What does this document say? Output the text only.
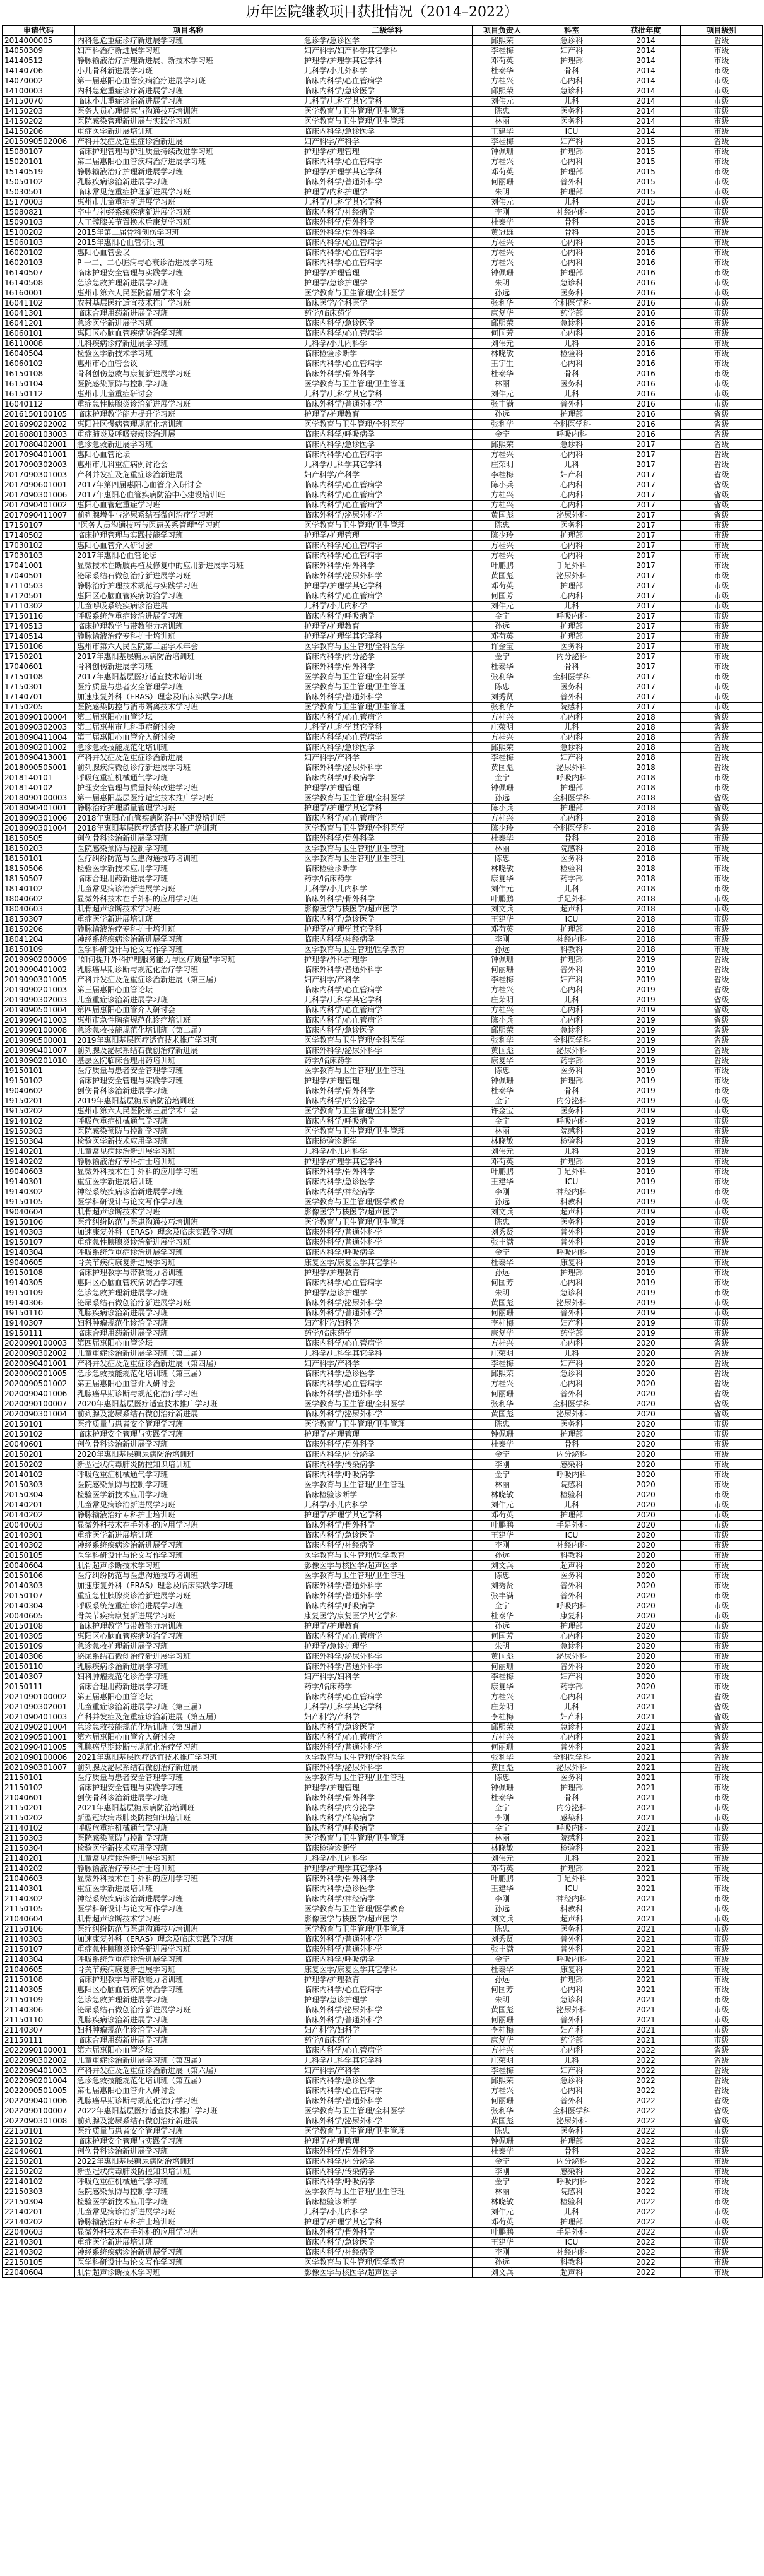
历年医院继教项目获批情况（2014–2022）
申请代码	项目名称	二级学科	项目负责人	科室	获批年度	项目级别
2014000005	内科急危重症诊疗新进展学习班	急诊学/急诊医学	邱熙荣	急诊科	2014	省级
14050309	妇产科治疗新进展学习班	妇产科学/妇产科学其它学科	李桂梅	妇产科	2014	市级
14140512	静脉输液治疗护理新进展、新技术学习班	护理学/护理学其它学科	邓荷英	护理部	2014	市级
14140706	小儿骨科新进展学习班	儿科学/小儿外科学	杜泰华	骨科	2014	市级
14070002	第一届惠阳心血管疾病治疗进展学习班	临床内科学/心血管病学	方桂兴	心内科	2014	市级
14100003	内科急危重症诊疗新进展学习班	临床内科学/急诊医学	邱熙荣	急诊科	2014	市级
14150070	临床小儿重症诊治新进展学习班	儿科学/儿科学其它学科	刘伟元	儿科	2014	市级
14150203	医务人员心理健康与沟通技巧培训班	医学教育与卫生管理/卫生管理	陈忠	医务科	2014	市级
14150202	医院感染管理新进展与实践学习班	医学教育与卫生管理/卫生管理	林丽	医务科	2014	市级
14150206	重症医学新进展培训班	临床内科学/急诊医学	王建华	ICU	2014	市级
2015090502006	产科并发症及危重症诊治新进展	妇产科学/产科学	李桂梅	妇产科	2015	省级
15080107	临床护理管理与护理质量持续改进学习班	护理学/护理管理	钟佩珊	护理部	2015	市级
15020101	第二届惠阳心血管疾病治疗进展学习班	临床内科学/心血管病学	方桂兴	心内科	2015	市级
15140519	静脉输液治疗护理新进展学习班	护理学/护理学其它学科	邓荷英	护理部	2015	市级
15050102	乳腺疾病诊治新进展学习班	临床外科学/普通外科学	何丽珊	普外科	2015	市级
15030501	临床常见危重症护理新进展学习班	护理学/内科护理学	朱明	护理部	2015	市级
15170003	惠州市儿童重症新进展学习班	儿科学/儿科学其它学科	刘伟元	儿科	2015	市级
15080821	卒中与神经系统疾病新进展学习班	临床内科学/神经病学	李刚	神经内科	2015	市级
15090103	人工髋膝关节置换术后康复学习班	临床外科学/骨外科学	杜泰华	骨科	2015	市级
15100202	2015年第二届骨科创伤学习班	临床外科学/骨外科学	黄冠雄	骨科	2015	市级
15060103	2015年惠阳心血管研讨班	临床内科学/心血管病学	方桂兴	心内科	2015	市级
16020102	惠阳心血管会议	临床内科学/心血管病学	方桂兴	心内科	2016	市级
16020103	P 一二、二心脏病与心衰诊治进展学习班	临床内科学/心血管病学	方桂兴	心内科	2016	市级
16140507	临床护理安全管理与实践学习班	护理学/护理管理	钟佩珊	护理部	2016	市级
16140508	急诊急救护理新进展学习班	护理学/急诊护理学	朱明	急诊科	2016	市级
16160001	惠州市第六人民医院首届学术年会	医学教育与卫生管理/全科医学	孙远	医务科	2016	市级
16041102	农村基层医疗适宜技术推广学习班	临床医学/全科医学	张利华	全科医学科	2016	市级
16041301	临床合理用药新进展学习班	药学/临床药学	康复华	药学部	2016	市级
16041201	急诊医学新进展学习班	临床内科学/急诊医学	邱熙荣	急诊科	2016	市级
16060101	惠阳区心脑血管疾病防治学习班	临床内科学/心血管病学	何国芳	心内科	2016	市级
16110008	儿科疾病诊疗新进展学习班	儿科学/小儿内科学	刘伟元	儿科	2016	市级
16040504	检验医学新技术学习班	临床检验诊断学	林晓敏	检验科	2016	市级
16060102	惠州市心血管会议	临床内科学/心血管病学	王宇生	心内科	2016	市级
16150108	骨科创伤急救与康复新进展学习班	临床外科学/骨外科学	杜泰华	骨科	2016	市级
16150104	医院感染预防与控制学习班	医学教育与卫生管理/卫生管理	林丽	医务科	2016	市级
16150112	惠州市儿童重症研讨会	儿科学/儿科学其它学科	刘伟元	儿科	2016	市级
16040112	重症急性胰腺炎诊治新进展学习班	临床外科学/普通外科学	张丰满	普外科	2016	市级
2016150100105	临床护理教学能力提升学习班	护理学/护理教育	孙远	护理部	2016	省级
2016090202002	惠阳社区慢病管理规范化培训班	医学教育与卫生管理/全科医学	张利华	全科医学科	2016	省级
2016080103003	重症肺炎及呼吸衰竭诊治进展	临床内科学/呼吸病学	金宁	呼吸内科	2016	省级
2017080402001	急诊急救新进展学习班	临床内科学/急诊医学	邱熙荣	急诊科	2017	省级
2017090401001	惠阳心血管论坛	临床内科学/心血管病学	方桂兴	心内科	2017	省级
2017090302003	惠州市儿科重症病例讨论会	儿科学/儿科学其它学科	庄荣明	儿科	2017	省级
2017090301003	产科并发症及危重症诊治新进展	妇产科学/产科学	李桂梅	妇产科	2017	省级
2017090601001	2017年第四届惠阳心血管介入研讨会	临床内科学/心血管病学	陈小兵	心内科	2017	省级
2017090301006	2017年惠阳心血管疾病防治中心建设培训班	临床内科学/心血管病学	方桂兴	心内科	2017	省级
2017090401002	惠阳心血管危重症学习班	临床内科学/心血管病学	方桂兴	心内科	2017	省级
2017090411007	前列腺增生与泌尿系结石微创治疗学习班	临床外科学/泌尿外科学	黄国彪	泌尿外科	2017	省级
17150107	"医务人员沟通技巧与医患关系管理"学习班	医学教育与卫生管理/卫生管理	陈忠	医务科	2017	市级
17140502	临床护理管理与实践技能学习班	护理学/护理管理	陈少玲	护理部	2017	市级
17030102	惠阳心血管介入研讨会	临床内科学/心血管病学	方桂兴	心内科	2017	市级
17030103	2017年惠阳心血管论坛	临床内科学/心血管病学	方桂兴	心内科	2017	市级
17041001	显微技术在断肢再植及修复中的应用新进展学习班	临床外科学/骨外科学	叶鹏鹏	手足外科	2017	市级
17040501	泌尿系结石微创治疗新进展学习班	临床外科学/泌尿外科学	黄国彪	泌尿外科	2017	市级
17110503	静脉治疗护理技术规范与实践学习班	护理学/护理学其它学科	邓荷英	护理部	2017	市级
17120501	惠阳区心脑血管疾病防治学习班	临床内科学/心血管病学	何国芳	心内科	2017	市级
17110302	儿童呼吸系统疾病诊治进展	儿科学/小儿内科学	刘伟元	儿科	2017	市级
17150116	呼吸系统危重症诊治进展学习班	临床内科学/呼吸病学	金宁	呼吸内科	2017	市级
17140513	临床护理教学与带教能力培训班	护理学/护理教育	孙远	护理部	2017	市级
17140514	静脉输液治疗专科护士培训班	护理学/护理学其它学科	邓荷英	护理部	2017	市级
17150106	惠州市第六人民医院第二届学术年会	医学教育与卫生管理/全科医学	许金宝	医务科	2017	市级
17150201	2017年惠阳基层糖尿病防治培训班	临床内科学/内分泌学	金宁	内分泌科	2017	市级
17040601	骨科创伤新进展学习班	临床外科学/骨外科学	杜泰华	骨科	2017	市级
17150108	2017年惠阳基层医疗适宜技术培训班	医学教育与卫生管理/全科医学	张利华	全科医学科	2017	市级
17150301	医疗质量与患者安全管理学习班	医学教育与卫生管理/卫生管理	陈忠	医务科	2017	市级
17140701	加速康复外科（ERAS）理念及临床实践学习班	临床外科学/普通外科学	刘秀贤	普外科	2017	市级
17150205	医院感染防控与消毒隔离技术学习班	医学教育与卫生管理/卫生管理	张利华	院感科	2017	市级
2018090100004	第二届惠阳心血管论坛	临床内科学/心血管病学	方桂兴	心内科	2018	省级
2018090302003	第二届惠州市儿科重症研讨会	儿科学/儿科学其它学科	庄荣明	儿科	2018	省级
2018090411004	第三届惠阳心血管介入研讨会	临床内科学/心血管病学	方桂兴	心内科	2018	省级
2018090201002	急诊急救技能规范化培训班	临床内科学/急诊医学	邱熙荣	急诊科	2018	省级
2018090413001	产科并发症及危重症诊治新进展	妇产科学/产科学	李桂梅	妇产科	2018	省级
2018090505001	前列腺疾病微创诊疗新进展学习班	临床外科学/泌尿外科学	黄国彪	泌尿外科	2018	省级
2018140101	呼吸危重症机械通气学习班	临床内科学/呼吸病学	金宁	呼吸内科	2018	市级
2018140102	护理安全管理与质量持续改进学习班	护理学/护理管理	钟佩珊	护理部	2018	市级
2018090100003	第一届惠阳基层医疗适宜技术推广学习班	医学教育与卫生管理/全科医学	孙远	全科医学科	2018	省级
2018090401001	静脉治疗护理质量管理学习班	护理学/护理学其它学科	陈小兵	护理部	2018	省级
2018090301006	2018年惠阳心血管疾病防治中心建设培训班	临床内科学/心血管病学	方桂兴	心内科	2018	省级
2018090301004	2018年惠阳基层医疗适宜技术推广培训班	医学教育与卫生管理/全科医学	陈少玲	全科医学科	2018	省级
18150505	创伤骨科诊治新进展学习班	临床外科学/骨外科学	杜泰华	骨科	2018	市级
18150203	医院感染预防与控制学习班	医学教育与卫生管理/卫生管理	林丽	院感科	2018	市级
18150101	医疗纠纷防范与医患沟通技巧培训班	医学教育与卫生管理/卫生管理	陈忠	医务科	2018	市级
18150506	检验医学新技术应用学习班	临床检验诊断学	林晓敏	检验科	2018	市级
18150507	临床合理用药新进展学习班	药学/临床药学	康复华	药学部	2018	市级
18140102	儿童常见病诊治新进展学习班	儿科学/小儿内科学	刘伟元	儿科	2018	市级
18040602	显微外科技术在手外科的应用学习班	临床外科学/骨外科学	叶鹏鹏	手足外科	2018	市级
18040603	肌骨超声诊断技术学习班	影像医学与核医学/超声医学	刘文兵	超声科	2018	市级
18150307	重症医学新进展培训班	临床内科学/急诊医学	王建华	ICU	2018	市级
18150206	静脉输液治疗专科护士培训班	护理学/护理学其它学科	邓荷英	护理部	2018	市级
18041204	神经系统疾病诊治新进展学习班	临床内科学/神经病学	李刚	神经内科	2018	市级
18150109	医学科研设计与论文写作学习班	医学教育与卫生管理/医学教育	孙远	科教科	2018	市级
2019090200009	"如何提升外科护理服务能力与医疗质量"学习班	护理学/外科护理学	钟佩珊	护理部	2019	省级
2019090401002	乳腺癌早期诊断与规范化治疗学习班	临床外科学/普通外科学	何丽珊	普外科	2019	省级
2019090301005	产科并发症及危重症诊治新进展（第三届）	妇产科学/产科学	李桂梅	妇产科	2019	省级
2019090201003	第三届惠阳心血管论坛	临床内科学/心血管病学	方桂兴	心内科	2019	省级
2019090302003	儿童重症诊治新进展学习班	儿科学/儿科学其它学科	庄荣明	儿科	2019	省级
2019090501004	第四届惠阳心血管介入研讨会	临床内科学/心血管病学	方桂兴	心内科	2019	省级
2019090401003	惠州市急性胸痛规范化诊疗培训班	临床内科学/心血管病学	陈小兵	心内科	2019	省级
2019090100008	急诊急救技能规范化培训班（第二届）	临床内科学/急诊医学	邱熙荣	急诊科	2019	省级
2019090500001	2019年惠阳基层医疗适宜技术推广学习班	医学教育与卫生管理/全科医学	张利华	全科医学科	2019	省级
2019090401007	前列腺及泌尿系结石微创治疗新进展	临床外科学/泌尿外科学	黄国彪	泌尿外科	2019	省级
2019090201010	基层医院临床合理用药培训班	药学/临床药学	康复华	药学部	2019	省级
19150101	医疗质量与患者安全管理学习班	医学教育与卫生管理/卫生管理	陈忠	医务科	2019	市级
19150102	临床护理安全管理与实践学习班	护理学/护理管理	钟佩珊	护理部	2019	市级
19040602	创伤骨科诊治新进展学习班	临床外科学/骨外科学	杜泰华	骨科	2019	市级
19150201	2019年惠阳基层糖尿病防治培训班	临床内科学/内分泌学	金宁	内分泌科	2019	市级
19150202	惠州市第六人民医院第三届学术年会	医学教育与卫生管理/全科医学	许金宝	医务科	2019	市级
19140102	呼吸危重症机械通气学习班	临床内科学/呼吸病学	金宁	呼吸内科	2019	市级
19150303	医院感染预防与控制学习班	医学教育与卫生管理/卫生管理	林丽	院感科	2019	市级
19150304	检验医学新技术应用学习班	临床检验诊断学	林晓敏	检验科	2019	市级
19140201	儿童常见病诊治新进展学习班	儿科学/小儿内科学	刘伟元	儿科	2019	市级
19140202	静脉输液治疗专科护士培训班	护理学/护理学其它学科	邓荷英	护理部	2019	市级
19040603	显微外科技术在手外科的应用学习班	临床外科学/骨外科学	叶鹏鹏	手足外科	2019	市级
19140301	重症医学新进展培训班	临床内科学/急诊医学	王建华	ICU	2019	市级
19140302	神经系统疾病诊治新进展学习班	临床内科学/神经病学	李刚	神经内科	2019	市级
19150105	医学科研设计与论文写作学习班	医学教育与卫生管理/医学教育	孙远	科教科	2019	市级
19040604	肌骨超声诊断技术学习班	影像医学与核医学/超声医学	刘文兵	超声科	2019	市级
19150106	医疗纠纷防范与医患沟通技巧培训班	医学教育与卫生管理/卫生管理	陈忠	医务科	2019	市级
19140303	加速康复外科（ERAS）理念及临床实践学习班	临床外科学/普通外科学	刘秀贤	普外科	2019	市级
19150107	重症急性胰腺炎诊治新进展学习班	临床外科学/普通外科学	张丰满	普外科	2019	市级
19140304	呼吸系统危重症诊治进展学习班	临床内科学/呼吸病学	金宁	呼吸内科	2019	市级
19040605	骨关节疾病康复新进展学习班	康复医学/康复医学其它学科	杜泰华	康复科	2019	市级
19150108	临床护理教学与带教能力培训班	护理学/护理教育	孙远	护理部	2019	市级
19140305	惠阳区心脑血管疾病防治学习班	临床内科学/心血管病学	何国芳	心内科	2019	市级
19150109	急诊急救护理新进展学习班	护理学/急诊护理学	朱明	急诊科	2019	市级
19140306	泌尿系结石微创治疗新进展学习班	临床外科学/泌尿外科学	黄国彪	泌尿外科	2019	市级
19150110	乳腺疾病诊治新进展学习班	临床外科学/普通外科学	何丽珊	普外科	2019	市级
19140307	妇科肿瘤规范化诊治学习班	妇产科学/妇科学	李桂梅	妇产科	2019	市级
19150111	临床合理用药新进展学习班	药学/临床药学	康复华	药学部	2019	市级
2020090100003	第四届惠阳心血管论坛	临床内科学/心血管病学	方桂兴	心内科	2020	省级
2020090302002	儿童重症诊治新进展学习班（第二届）	儿科学/儿科学其它学科	庄荣明	儿科	2020	省级
2020090401001	产科并发症及危重症诊治新进展（第四届）	妇产科学/产科学	李桂梅	妇产科	2020	省级
2020090201005	急诊急救技能规范化培训班（第三届）	临床内科学/急诊医学	邱熙荣	急诊科	2020	省级
2020090501002	第五届惠阳心血管介入研讨会	临床内科学/心血管病学	方桂兴	心内科	2020	省级
2020090401006	乳腺癌早期诊断与规范化治疗学习班	临床外科学/普通外科学	何丽珊	普外科	2020	省级
2020090100007	2020年惠阳基层医疗适宜技术推广学习班	医学教育与卫生管理/全科医学	张利华	全科医学科	2020	省级
2020090301004	前列腺及泌尿系结石微创治疗新进展	临床外科学/泌尿外科学	黄国彪	泌尿外科	2020	省级
20150101	医疗质量与患者安全管理学习班	医学教育与卫生管理/卫生管理	陈忠	医务科	2020	市级
20150102	临床护理安全管理与实践学习班	护理学/护理管理	钟佩珊	护理部	2020	市级
20040601	创伤骨科诊治新进展学习班	临床外科学/骨外科学	杜泰华	骨科	2020	市级
20150201	2020年惠阳基层糖尿病防治培训班	临床内科学/内分泌学	金宁	内分泌科	2020	市级
20150202	新型冠状病毒肺炎防控知识培训班	临床内科学/传染病学	李刚	感染科	2020	市级
20140102	呼吸危重症机械通气学习班	临床内科学/呼吸病学	金宁	呼吸内科	2020	市级
20150303	医院感染预防与控制学习班	医学教育与卫生管理/卫生管理	林丽	院感科	2020	市级
20150304	检验医学新技术应用学习班	临床检验诊断学	林晓敏	检验科	2020	市级
20140201	儿童常见病诊治新进展学习班	儿科学/小儿内科学	刘伟元	儿科	2020	市级
20140202	静脉输液治疗专科护士培训班	护理学/护理学其它学科	邓荷英	护理部	2020	市级
20040603	显微外科技术在手外科的应用学习班	临床外科学/骨外科学	叶鹏鹏	手足外科	2020	市级
20140301	重症医学新进展培训班	临床内科学/急诊医学	王建华	ICU	2020	市级
20140302	神经系统疾病诊治新进展学习班	临床内科学/神经病学	李刚	神经内科	2020	市级
20150105	医学科研设计与论文写作学习班	医学教育与卫生管理/医学教育	孙远	科教科	2020	市级
20040604	肌骨超声诊断技术学习班	影像医学与核医学/超声医学	刘文兵	超声科	2020	市级
20150106	医疗纠纷防范与医患沟通技巧培训班	医学教育与卫生管理/卫生管理	陈忠	医务科	2020	市级
20140303	加速康复外科（ERAS）理念及临床实践学习班	临床外科学/普通外科学	刘秀贤	普外科	2020	市级
20150107	重症急性胰腺炎诊治新进展学习班	临床外科学/普通外科学	张丰满	普外科	2020	市级
20140304	呼吸系统危重症诊治进展学习班	临床内科学/呼吸病学	金宁	呼吸内科	2020	市级
20040605	骨关节疾病康复新进展学习班	康复医学/康复医学其它学科	杜泰华	康复科	2020	市级
20150108	临床护理教学与带教能力培训班	护理学/护理教育	孙远	护理部	2020	市级
20140305	惠阳区心脑血管疾病防治学习班	临床内科学/心血管病学	何国芳	心内科	2020	市级
20150109	急诊急救护理新进展学习班	护理学/急诊护理学	朱明	急诊科	2020	市级
20140306	泌尿系结石微创治疗新进展学习班	临床外科学/泌尿外科学	黄国彪	泌尿外科	2020	市级
20150110	乳腺疾病诊治新进展学习班	临床外科学/普通外科学	何丽珊	普外科	2020	市级
20140307	妇科肿瘤规范化诊治学习班	妇产科学/妇科学	李桂梅	妇产科	2020	市级
20150111	临床合理用药新进展学习班	药学/临床药学	康复华	药学部	2020	市级
2021090100002	第五届惠阳心血管论坛	临床内科学/心血管病学	方桂兴	心内科	2021	省级
2021090302001	儿童重症诊治新进展学习班（第三届）	儿科学/儿科学其它学科	庄荣明	儿科	2021	省级
2021090401003	产科并发症及危重症诊治新进展（第五届）	妇产科学/产科学	李桂梅	妇产科	2021	省级
2021090201004	急诊急救技能规范化培训班（第四届）	临床内科学/急诊医学	邱熙荣	急诊科	2021	省级
2021090501001	第六届惠阳心血管介入研讨会	临床内科学/心血管病学	方桂兴	心内科	2021	省级
2021090401005	乳腺癌早期诊断与规范化治疗学习班	临床外科学/普通外科学	何丽珊	普外科	2021	省级
2021090100006	2021年惠阳基层医疗适宜技术推广学习班	医学教育与卫生管理/全科医学	张利华	全科医学科	2021	省级
2021090301007	前列腺及泌尿系结石微创治疗新进展	临床外科学/泌尿外科学	黄国彪	泌尿外科	2021	省级
21150101	医疗质量与患者安全管理学习班	医学教育与卫生管理/卫生管理	陈忠	医务科	2021	市级
21150102	临床护理安全管理与实践学习班	护理学/护理管理	钟佩珊	护理部	2021	市级
21040601	创伤骨科诊治新进展学习班	临床外科学/骨外科学	杜泰华	骨科	2021	市级
21150201	2021年惠阳基层糖尿病防治培训班	临床内科学/内分泌学	金宁	内分泌科	2021	市级
21150202	新型冠状病毒肺炎防控知识培训班	临床内科学/传染病学	李刚	感染科	2021	市级
21140102	呼吸危重症机械通气学习班	临床内科学/呼吸病学	金宁	呼吸内科	2021	市级
21150303	医院感染预防与控制学习班	医学教育与卫生管理/卫生管理	林丽	院感科	2021	市级
21150304	检验医学新技术应用学习班	临床检验诊断学	林晓敏	检验科	2021	市级
21140201	儿童常见病诊治新进展学习班	儿科学/小儿内科学	刘伟元	儿科	2021	市级
21140202	静脉输液治疗专科护士培训班	护理学/护理学其它学科	邓荷英	护理部	2021	市级
21040603	显微外科技术在手外科的应用学习班	临床外科学/骨外科学	叶鹏鹏	手足外科	2021	市级
21140301	重症医学新进展培训班	临床内科学/急诊医学	王建华	ICU	2021	市级
21140302	神经系统疾病诊治新进展学习班	临床内科学/神经病学	李刚	神经内科	2021	市级
21150105	医学科研设计与论文写作学习班	医学教育与卫生管理/医学教育	孙远	科教科	2021	市级
21040604	肌骨超声诊断技术学习班	影像医学与核医学/超声医学	刘文兵	超声科	2021	市级
21150106	医疗纠纷防范与医患沟通技巧培训班	医学教育与卫生管理/卫生管理	陈忠	医务科	2021	市级
21140303	加速康复外科（ERAS）理念及临床实践学习班	临床外科学/普通外科学	刘秀贤	普外科	2021	市级
21150107	重症急性胰腺炎诊治新进展学习班	临床外科学/普通外科学	张丰满	普外科	2021	市级
21140304	呼吸系统危重症诊治进展学习班	临床内科学/呼吸病学	金宁	呼吸内科	2021	市级
21040605	骨关节疾病康复新进展学习班	康复医学/康复医学其它学科	杜泰华	康复科	2021	市级
21150108	临床护理教学与带教能力培训班	护理学/护理教育	孙远	护理部	2021	市级
21140305	惠阳区心脑血管疾病防治学习班	临床内科学/心血管病学	何国芳	心内科	2021	市级
21150109	急诊急救护理新进展学习班	护理学/急诊护理学	朱明	急诊科	2021	市级
21140306	泌尿系结石微创治疗新进展学习班	临床外科学/泌尿外科学	黄国彪	泌尿外科	2021	市级
21150110	乳腺疾病诊治新进展学习班	临床外科学/普通外科学	何丽珊	普外科	2021	市级
21140307	妇科肿瘤规范化诊治学习班	妇产科学/妇科学	李桂梅	妇产科	2021	市级
21150111	临床合理用药新进展学习班	药学/临床药学	康复华	药学部	2021	市级
2022090100001	第六届惠阳心血管论坛	临床内科学/心血管病学	方桂兴	心内科	2022	省级
2022090302002	儿童重症诊治新进展学习班（第四届）	儿科学/儿科学其它学科	庄荣明	儿科	2022	省级
2022090401003	产科并发症及危重症诊治新进展（第六届）	妇产科学/产科学	李桂梅	妇产科	2022	省级
2022090201004	急诊急救技能规范化培训班（第五届）	临床内科学/急诊医学	邱熙荣	急诊科	2022	省级
2022090501005	第七届惠阳心血管介入研讨会	临床内科学/心血管病学	方桂兴	心内科	2022	省级
2022090401006	乳腺癌早期诊断与规范化治疗学习班	临床外科学/普通外科学	何丽珊	普外科	2022	省级
2022090100007	2022年惠阳基层医疗适宜技术推广学习班	医学教育与卫生管理/全科医学	张利华	全科医学科	2022	省级
2022090301008	前列腺及泌尿系结石微创治疗新进展	临床外科学/泌尿外科学	黄国彪	泌尿外科	2022	省级
22150101	医疗质量与患者安全管理学习班	医学教育与卫生管理/卫生管理	陈忠	医务科	2022	市级
22150102	临床护理安全管理与实践学习班	护理学/护理管理	钟佩珊	护理部	2022	市级
22040601	创伤骨科诊治新进展学习班	临床外科学/骨外科学	杜泰华	骨科	2022	市级
22150201	2022年惠阳基层糖尿病防治培训班	临床内科学/内分泌学	金宁	内分泌科	2022	市级
22150202	新型冠状病毒肺炎防控知识培训班	临床内科学/传染病学	李刚	感染科	2022	市级
22140102	呼吸危重症机械通气学习班	临床内科学/呼吸病学	金宁	呼吸内科	2022	市级
22150303	医院感染预防与控制学习班	医学教育与卫生管理/卫生管理	林丽	院感科	2022	市级
22150304	检验医学新技术应用学习班	临床检验诊断学	林晓敏	检验科	2022	市级
22140201	儿童常见病诊治新进展学习班	儿科学/小儿内科学	刘伟元	儿科	2022	市级
22140202	静脉输液治疗专科护士培训班	护理学/护理学其它学科	邓荷英	护理部	2022	市级
22040603	显微外科技术在手外科的应用学习班	临床外科学/骨外科学	叶鹏鹏	手足外科	2022	市级
22140301	重症医学新进展培训班	临床内科学/急诊医学	王建华	ICU	2022	市级
22140302	神经系统疾病诊治新进展学习班	临床内科学/神经病学	李刚	神经内科	2022	市级
22150105	医学科研设计与论文写作学习班	医学教育与卫生管理/医学教育	孙远	科教科	2022	市级
22040604	肌骨超声诊断技术学习班	影像医学与核医学/超声医学	刘文兵	超声科	2022	市级
